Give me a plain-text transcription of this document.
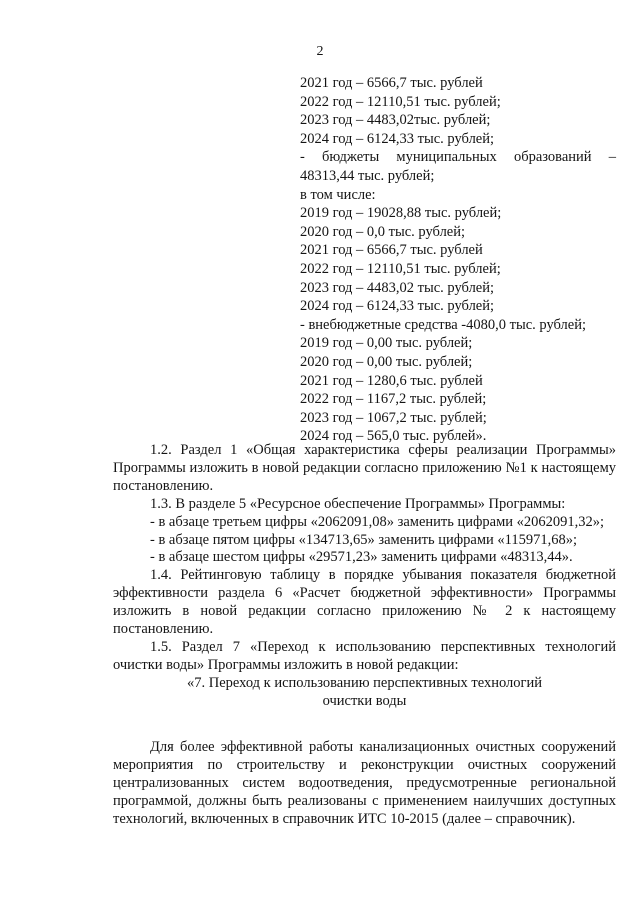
2
2021 год – 6566,7 тыс. рублей
2022 год – 12110,51 тыс. рублей;
2023 год – 4483,02тыс. рублей;
2024 год – 6124,33 тыс. рублей;
- бюджеты муниципальных образований –
48313,44 тыс. рублей;
в том числе:
2019 год – 19028,88 тыс. рублей;
2020 год – 0,0 тыс. рублей;
2021 год – 6566,7 тыс. рублей
2022 год – 12110,51 тыс. рублей;
2023 год – 4483,02 тыс. рублей;
2024 год – 6124,33 тыс. рублей;
- внебюджетные средства -4080,0 тыс. рублей;
2019 год – 0,00 тыс. рублей;
2020 год – 0,00 тыс. рублей;
2021 год – 1280,6 тыс. рублей
2022 год – 1167,2 тыс. рублей;
2023 год – 1067,2 тыс. рублей;
2024 год – 565,0 тыс. рублей».

1.2. Раздел 1 «Общая характеристика сферы реализации Программы» Программы изложить в новой редакции согласно приложению №1 к настоящему постановлению.

1.3. В разделе 5 «Ресурсное обеспечение Программы» Программы:

- в абзаце третьем цифры «2062091,08» заменить цифрами «2062091,32»;

- в абзаце пятом цифры «134713,65» заменить цифрами «115971,68»;

- в абзаце шестом цифры «29571,23» заменить цифрами «48313,44».

1.4. Рейтинговую таблицу в порядке убывания показателя бюджетной эффективности раздела 6 «Расчет бюджетной эффективности» Программы изложить в новой редакции согласно приложению № 2 к настоящему постановлению.

1.5. Раздел 7 «Переход к использованию перспективных технологий очистки воды» Программы изложить в новой редакции:

«7. Переход к использованию перспективных технологий

очистки воды

Для более эффективной работы канализационных очистных сооружений мероприятия по строительству и реконструкции очистных сооружений централизованных систем водоотведения, предусмотренные региональной программой, должны быть реализованы с применением наилучших доступных технологий, включенных в справочник ИТС 10-2015 (далее – справочник).
